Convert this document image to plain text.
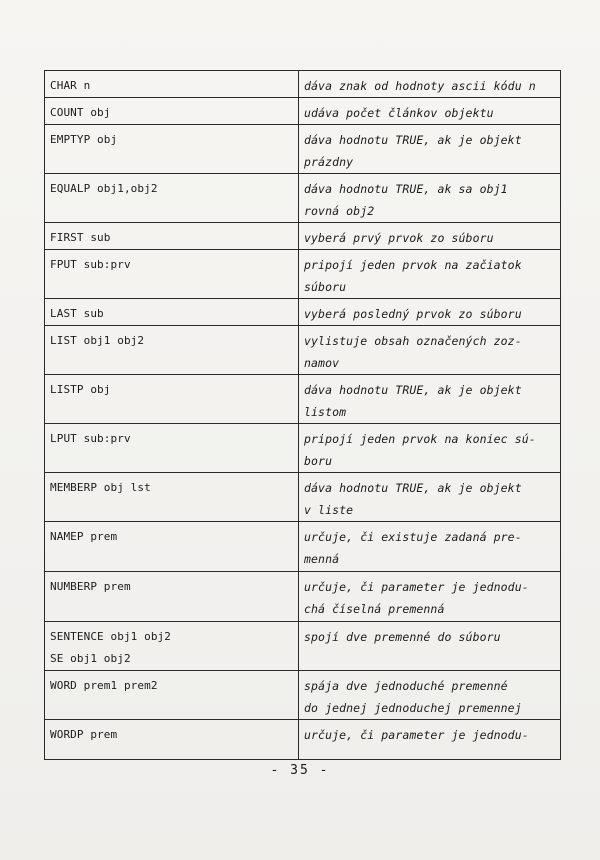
CHAR n	dáva znak od hodnoty ascii kódu n
COUNT obj	udáva počet článkov objektu
EMPTYP obj	dáva hodnotu TRUE, ak je objekt
prázdny
EQUALP obj1,obj2	dáva hodnotu TRUE, ak sa obj1
rovná obj2
FIRST sub	vyberá prvý prvok zo súboru
FPUT sub:prv	pripojí jeden prvok na začiatok
súboru
LAST sub	vyberá posledný prvok zo súboru
LIST obj1 obj2	vylistuje obsah označených zoz-
namov
LISTP obj	dáva hodnotu TRUE, ak je objekt
listom
LPUT sub:prv	pripojí jeden prvok na koniec sú-
boru
MEMBERP obj lst	dáva hodnotu TRUE, ak je objekt
v liste
NAMEP prem	určuje, či existuje zadaná pre-
menná
NUMBERP prem	určuje, či parameter je jednodu-
chá číselná premenná
SENTENCE obj1 obj2
SE obj1 obj2	spojí dve premenné do súboru
WORD prem1 prem2	spája dve jednoduché premenné
do jednej jednoduchej premennej
WORDP prem	určuje, či parameter je jednodu-
- 35 -
